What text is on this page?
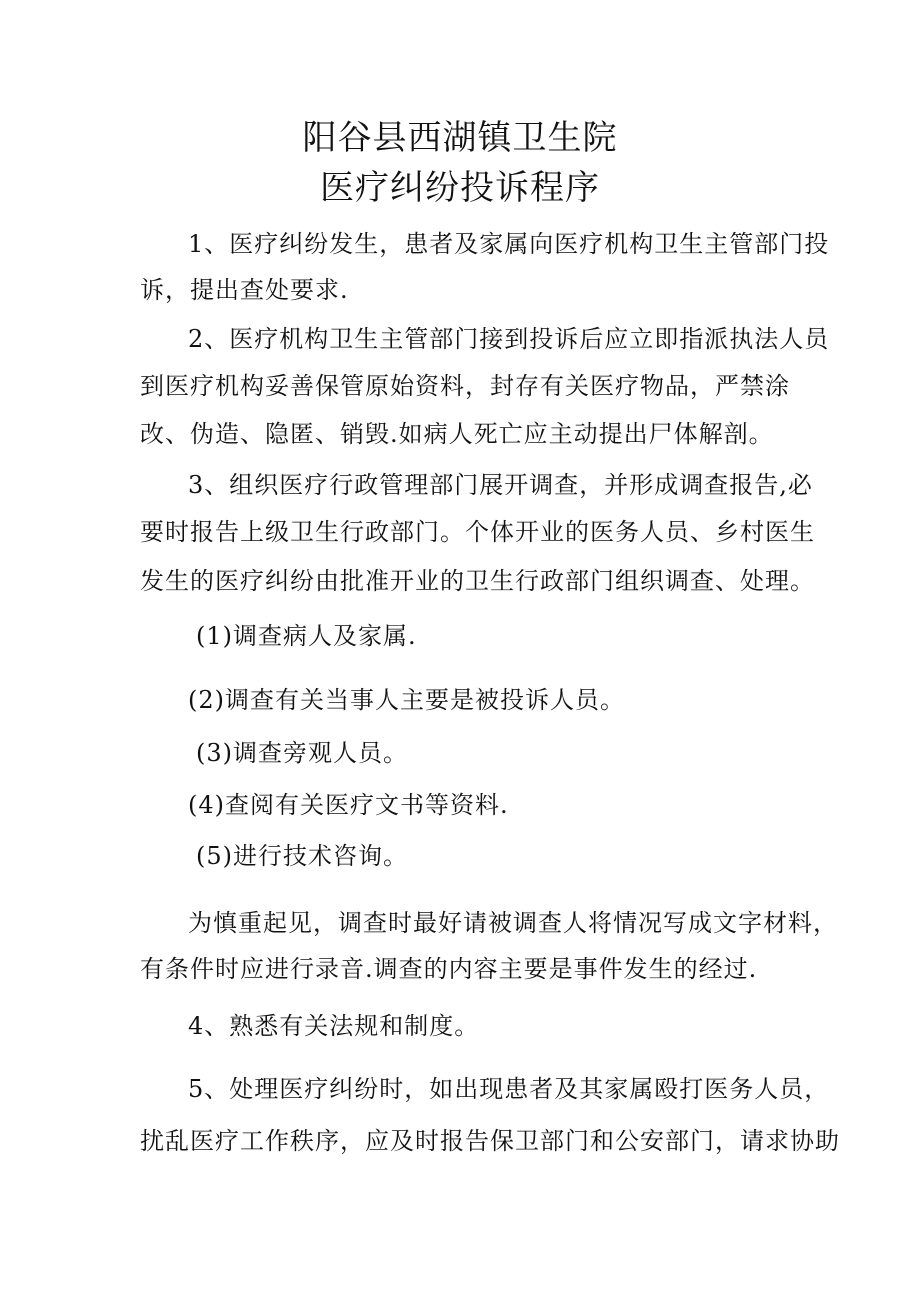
阳谷县西湖镇卫生院
医疗纠纷投诉程序
1、医疗纠纷发生，患者及家属向医疗机构卫生主管部门投
诉，提出查处要求.
2、医疗机构卫生主管部门接到投诉后应立即指派执法人员
到医疗机构妥善保管原始资料，封存有关医疗物品，严禁涂
改、伪造、隐匿、销毁.如病人死亡应主动提出尸体解剖。
3、组织医疗行政管理部门展开调查，并形成调查报告,必
要时报告上级卫生行政部门。个体开业的医务人员、乡村医生
发生的医疗纠纷由批准开业的卫生行政部门组织调查、处理。
(1)调查病人及家属.
(2)调查有关当事人主要是被投诉人员。
(3)调查旁观人员。
(4)查阅有关医疗文书等资料.
(5)进行技术咨询。
为慎重起见，调查时最好请被调查人将情况写成文字材料，
有条件时应进行录音.调查的内容主要是事件发生的经过.
4、熟悉有关法规和制度。
5、处理医疗纠纷时，如出现患者及其家属殴打医务人员，
扰乱医疗工作秩序，应及时报告保卫部门和公安部门，请求协助
